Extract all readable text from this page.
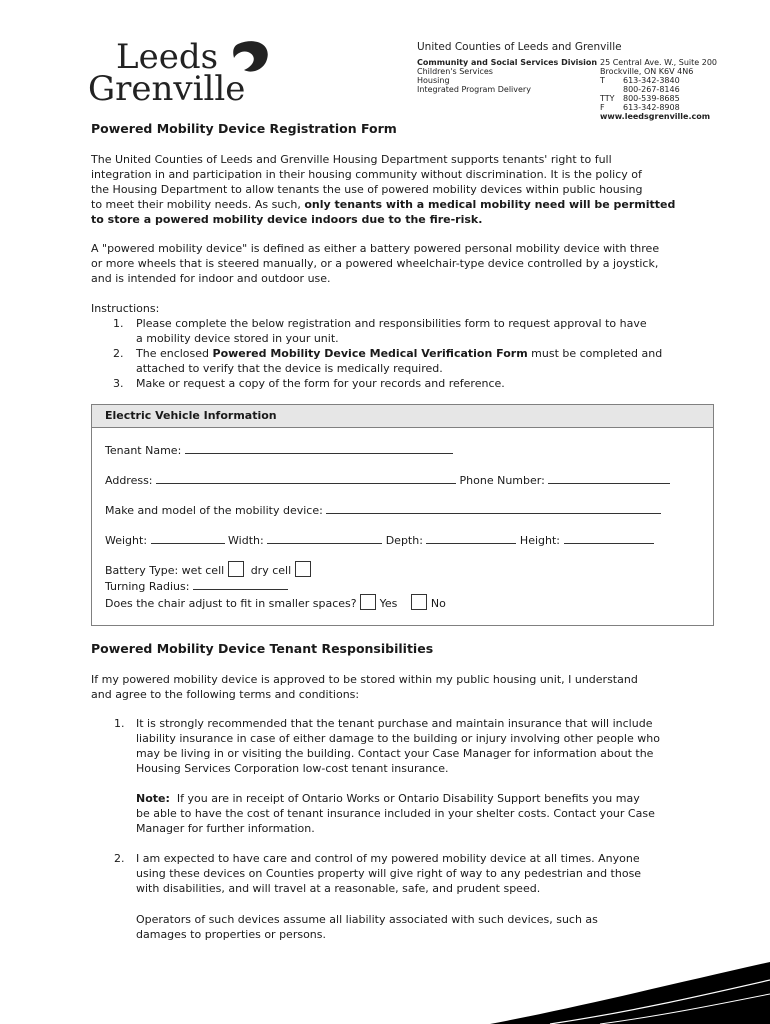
Leeds
Grenville
United Counties of Leeds and Grenville
Community and Social Services Division
Children's Services
Housing
Integrated Program Delivery
25 Central Ave. W., Suite 200
Brockville, ON K6V 4N6
T	613-342-3840
800-267-8146
TTY	800-539-8685
F	613-342-8908
www.leedsgrenville.com
Powered Mobility Device Registration Form
The United Counties of Leeds and Grenville Housing Department supports tenants' right to full
integration in and participation in their housing community without discrimination. It is the policy of
the Housing Department to allow tenants the use of powered mobility devices within public housing
to meet their mobility needs. As such, only tenants with a medical mobility need will be permitted
to store a powered mobility device indoors due to the fire-risk.
A "powered mobility device" is defined as either a battery powered personal mobility device with three
or more wheels that is steered manually, or a powered wheelchair-type device controlled by a joystick,
and is intended for indoor and outdoor use.
Instructions:
1. Please complete the below registration and responsibilities form to request approval to have
a mobility device stored in your unit.
2. The enclosed Powered Mobility Device Medical Verification Form must be completed and
attached to verify that the device is medically required.
3. Make or request a copy of the form for your records and reference.
Electric Vehicle Information
Tenant Name:
Address:	Phone Number:
Make and model of the mobility device:
Weight:	Width:	Depth:	Height:
Battery Type: wet cell dry cell
Turning Radius:
Does the chair adjust to fit in smaller spaces? Yes	No
Powered Mobility Device Tenant Responsibilities
If my powered mobility device is approved to be stored within my public housing unit, I understand
and agree to the following terms and conditions:
1. It is strongly recommended that the tenant purchase and maintain insurance that will include
liability insurance in case of either damage to the building or injury involving other people who
may be living in or visiting the building. Contact your Case Manager for information about the
Housing Services Corporation low-cost tenant insurance.
Note:  If you are in receipt of Ontario Works or Ontario Disability Support benefits you may
be able to have the cost of tenant insurance included in your shelter costs. Contact your Case
Manager for further information.
2. I am expected to have care and control of my powered mobility device at all times. Anyone
using these devices on Counties property will give right of way to any pedestrian and those
with disabilities, and will travel at a reasonable, safe, and prudent speed.
Operators of such devices assume all liability associated with such devices, such as
damages to properties or persons.
